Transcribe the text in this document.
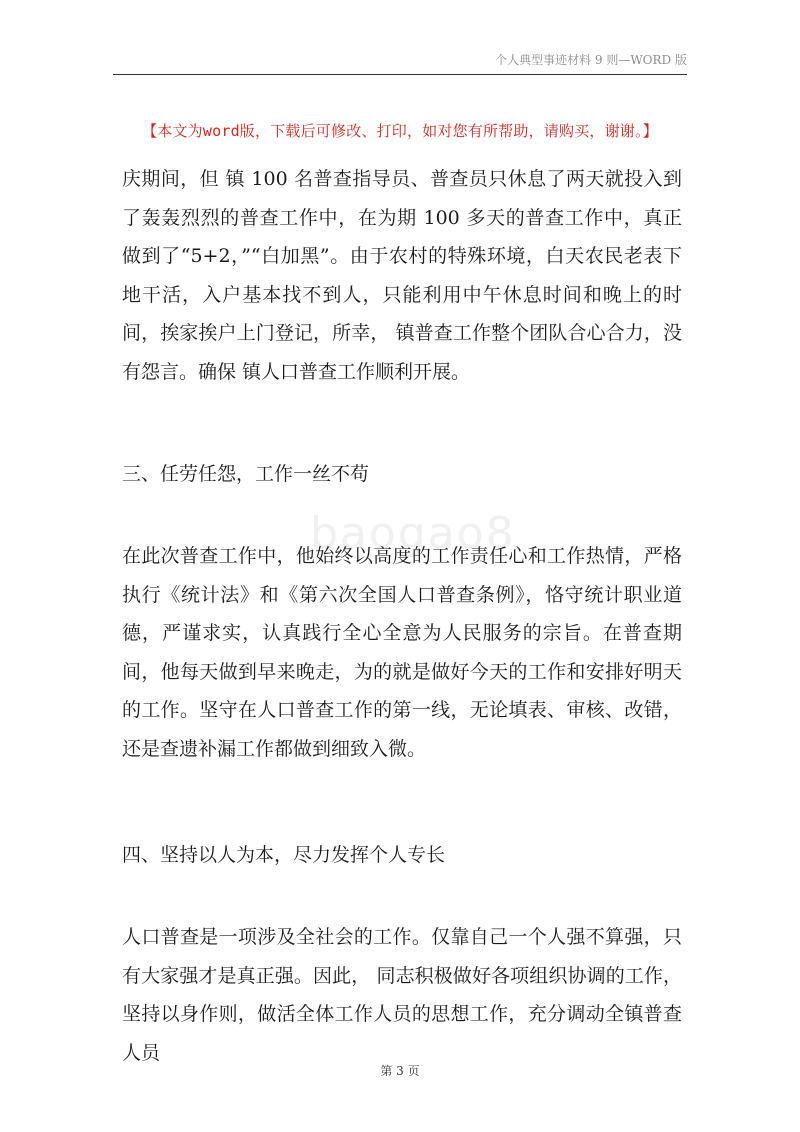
个人典型事迹材料 9 则—WORD 版
【本文为word版，下载后可修改、打印，如对您有所帮助，请购买，谢谢。】
baogao8
庆期间，但 镇 100 名普查指导员、普查员只休息了两天就投入到了轰轰烈烈的普查工作中，在为期 100 多天的普查工作中，真正做到了“5+2，”“白加黑”。由于农村的特殊环境，白天农民老表下地干活，入户基本找不到人，只能利用中午休息时间和晚上的时间，挨家挨户上门登记，所幸， 镇普查工作整个团队合心合力，没有怨言。确保 镇人口普查工作顺利开展。
三、任劳任怨，工作一丝不苟
在此次普查工作中，他始终以高度的工作责任心和工作热情，严格执行《统计法》和《第六次全国人口普查条例》，恪守统计职业道德，严谨求实，认真践行全心全意为人民服务的宗旨。在普查期间，他每天做到早来晚走，为的就是做好今天的工作和安排好明天的工作。坚守在人口普查工作的第一线，无论填表、审核、改错，还是查遗补漏工作都做到细致入微。
四、坚持以人为本，尽力发挥个人专长
人口普查是一项涉及全社会的工作。仅靠自己一个人强不算强，只有大家强才是真正强。因此， 同志积极做好各项组织协调的工作，坚持以身作则，做活全体工作人员的思想工作，充分调动全镇普查人员
第 3 页
